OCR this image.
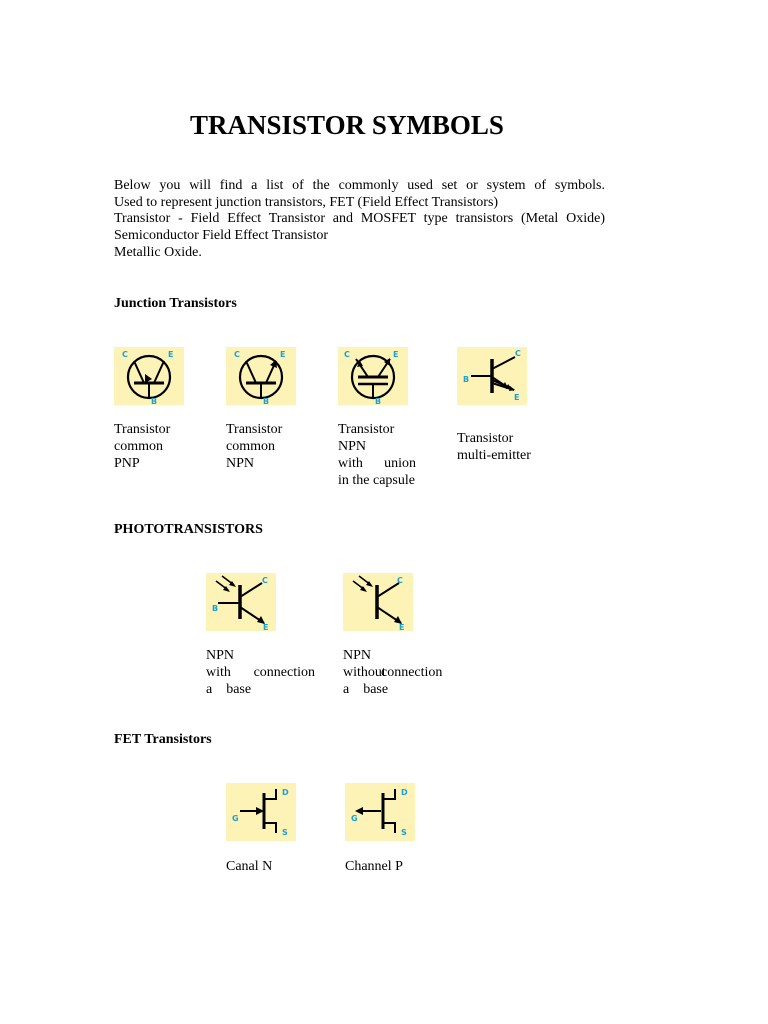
TRANSISTOR SYMBOLS
Below you will find a list of the commonly used set or system of symbols.
Used to represent junction transistors, FET (Field Effect Transistors)
Transistor - Field Effect Transistor and MOSFET type transistors (Metal Oxide)
Semiconductor Field Effect Transistor
Metallic Oxide.
Junction Transistors
C	E
B
Transistor
common
PNP
C	E
B
Transistor
common
NPN
C	E
B
Transistor
NPN
with union
in the capsule
C
B
E
Transistor
multi-emitter
PHOTOTRANSISTORS
C
B
E
NPN
with connection
a base
C
E
NPN
without
connection
a base
FET Transistors
D
G
S
Canal N
D
G
S
Channel P
